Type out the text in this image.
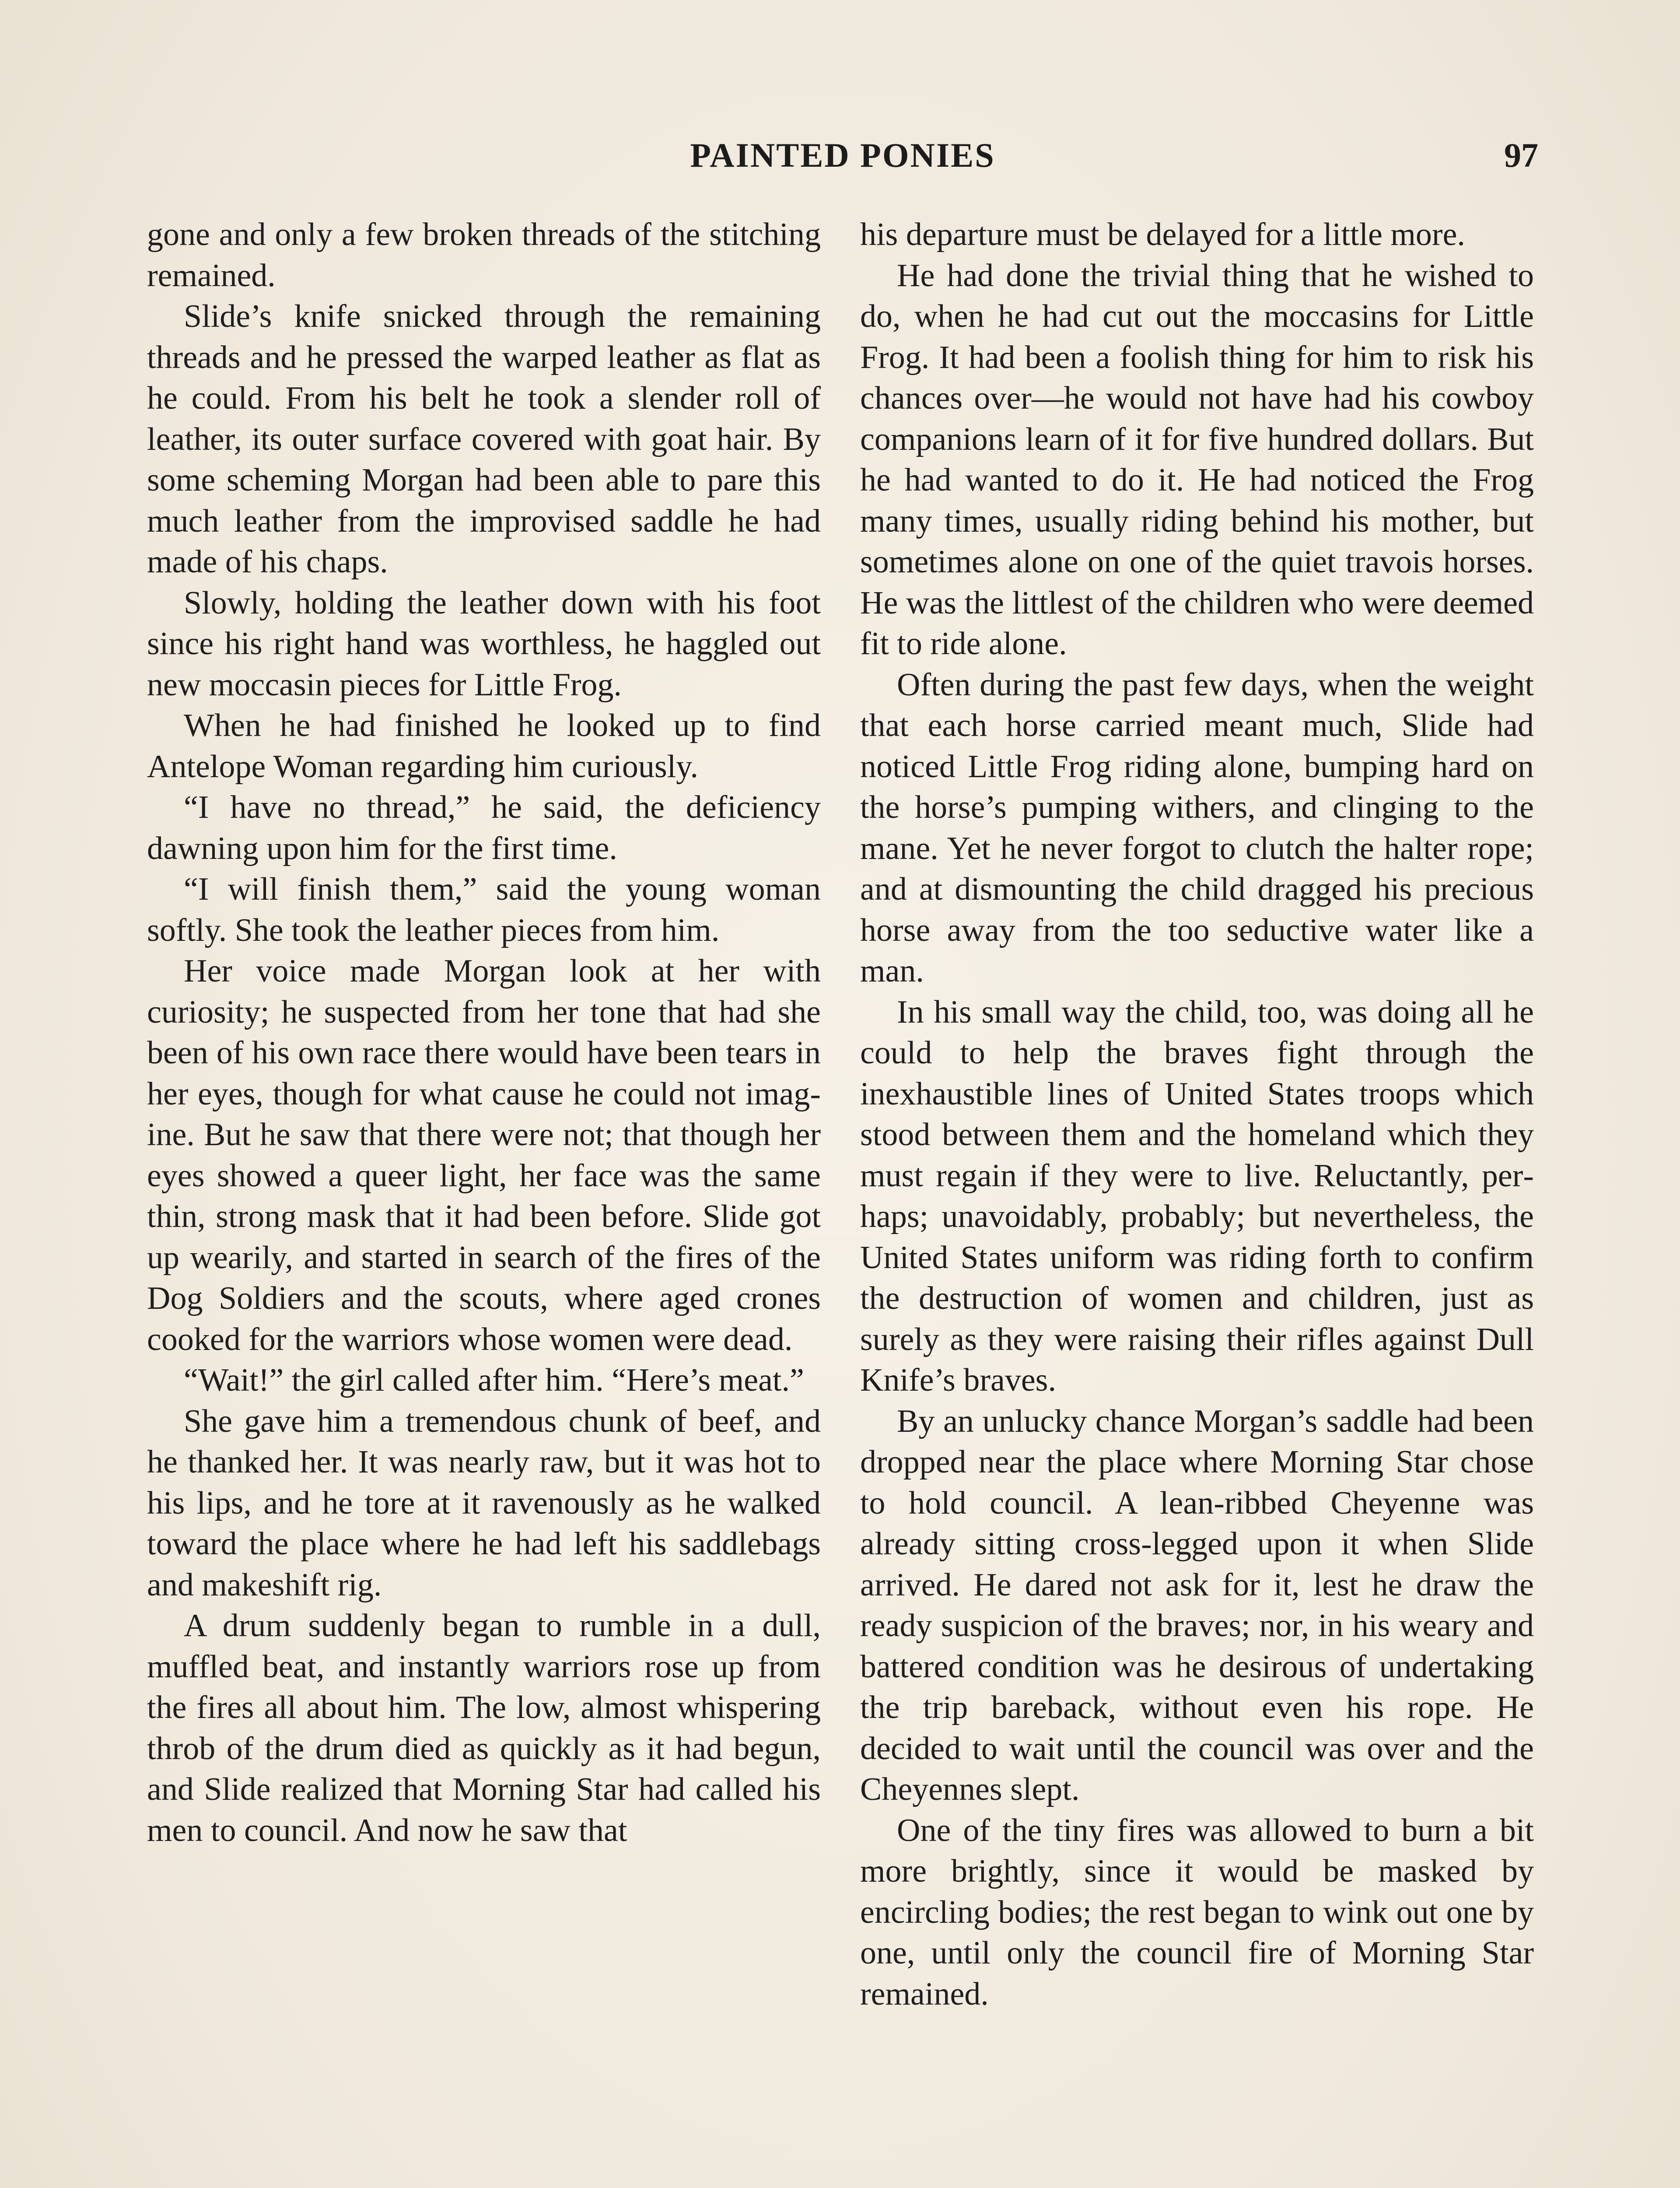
PAINTED PONIES	97

gone and only a few broken threads of the stitching remained.

Slide’s knife snicked through the remaining threads and he pressed the warped leather as flat as he could. From his belt he took a slender roll of leather, its outer surface covered with goat hair. By some scheming Morgan had been able to pare this much leather from the improvised saddle he had made of his chaps.

Slowly, holding the leather down with his foot since his right hand was worthless, he haggled out new moccasin pieces for Little Frog.

When he had finished he looked up to find Antelope Woman regarding him curiously.

“I have no thread,” he said, the deficiency dawning upon him for the first time.

“I will finish them,” said the young woman softly. She took the leather pieces from him.

Her voice made Morgan look at her with curiosity; he suspected from her tone that had she been of his own race there would have been tears in her eyes, though for what cause he could not imagine. But he saw that there were not; that though her eyes showed a queer light, her face was the same thin, strong mask that it had been before. Slide got up wearily, and started in search of the fires of the Dog Soldiers and the scouts, where aged crones cooked for the warriors whose women were dead.

“Wait!” the girl called after him. “Here’s meat.”

She gave him a tremendous chunk of beef, and he thanked her. It was nearly raw, but it was hot to his lips, and he tore at it ravenously as he walked toward the place where he had left his saddlebags and makeshift rig.

A drum suddenly began to rumble in a dull, muffled beat, and instantly warriors rose up from the fires all about him. The low, almost whispering throb of the drum died as quickly as it had begun, and Slide realized that Morning Star had called his men to council. And now he saw that

his departure must be delayed for a little more.

He had done the trivial thing that he wished to do, when he had cut out the moccasins for Little Frog. It had been a foolish thing for him to risk his chances over—he would not have had his cowboy companions learn of it for five hundred dollars. But he had wanted to do it. He had noticed the Frog many times, usually riding behind his mother, but sometimes alone on one of the quiet travois horses. He was the littlest of the children who were deemed fit to ride alone.

Often during the past few days, when the weight that each horse carried meant much, Slide had noticed Little Frog riding alone, bumping hard on the horse’s pumping withers, and clinging to the mane. Yet he never forgot to clutch the halter rope; and at dismounting the child dragged his precious horse away from the too seductive water like a man.

In his small way the child, too, was doing all he could to help the braves fight through the inexhaustible lines of United States troops which stood between them and the homeland which they must regain if they were to live. Reluctantly, perhaps; unavoidably, probably; but nevertheless, the United States uniform was riding forth to confirm the destruction of women and children, just as surely as they were raising their rifles against Dull Knife’s braves.

By an unlucky chance Morgan’s saddle had been dropped near the place where Morning Star chose to hold council. A lean-ribbed Cheyenne was already sitting cross-legged upon it when Slide arrived. He dared not ask for it, lest he draw the ready suspicion of the braves; nor, in his weary and battered condition was he desirous of undertaking the trip bareback, without even his rope. He decided to wait until the council was over and the Cheyennes slept.

One of the tiny fires was allowed to burn a bit more brightly, since it would be masked by encircling bodies; the rest began to wink out one by one, until only the council fire of Morning Star remained.
